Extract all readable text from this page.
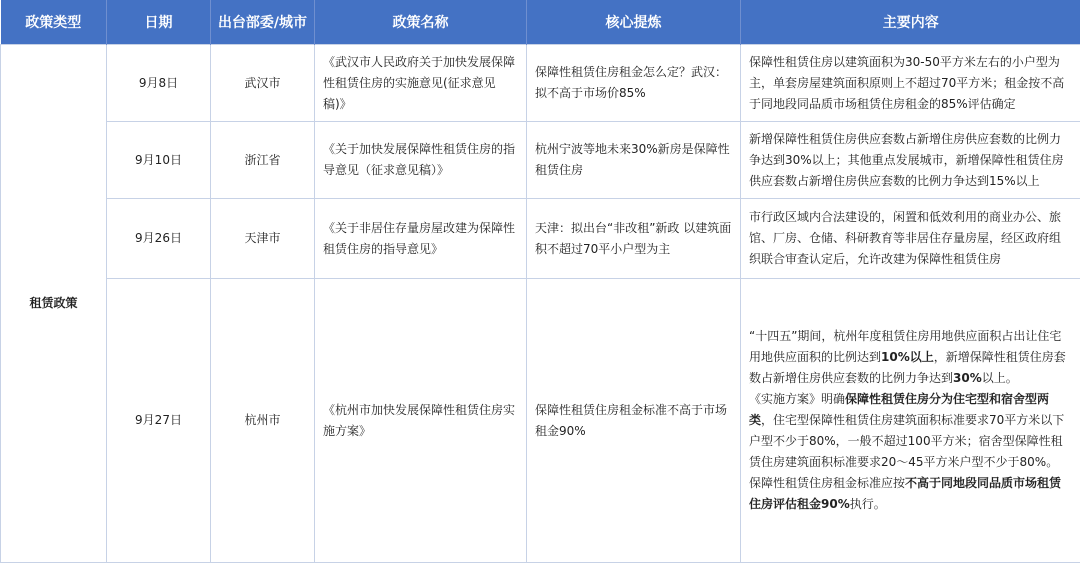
政策类型	日期	出台部委/城市	政策名称	核心提炼	主要内容
租赁政策	9月8日	武汉市	《武汉市人民政府关于加快发展保障性租赁住房的实施意见(征求意见稿)》	保障性租赁住房租金怎么定？武汉：拟不高于市场价85%	保障性租赁住房以建筑面积为30-50平方米左右的小户型为主，单套房屋建筑面积原则上不超过70平方米；租金按不高于同地段同品质市场租赁住房租金的85%评估确定
	9月10日	浙江省	《关于加快发展保障性租赁住房的指导意见（征求意见稿）》	杭州宁波等地未来30%新房是保障性租赁住房	新增保障性租赁住房供应套数占新增住房供应套数的比例力争达到30%以上；其他重点发展城市，新增保障性租赁住房供应套数占新增住房供应套数的比例力争达到15%以上
	9月26日	天津市	《关于非居住存量房屋改建为保障性租赁住房的指导意见》	天津：拟出台“非改租”新政 以建筑面积不超过70平小户型为主	市行政区域内合法建设的，闲置和低效利用的商业办公、旅馆、厂房、仓储、科研教育等非居住存量房屋，经区政府组织联合审查认定后，允许改建为保障性租赁住房
	9月27日	杭州市	《杭州市加快发展保障性租赁住房实施方案》	保障性租赁住房租金标准不高于市场租金90%	“十四五”期间，杭州年度租赁住房用地供应面积占出让住宅用地供应面积的比例达到10%以上，新增保障性租赁住房套数占新增住房供应套数的比例力争达到30%以上。
《实施方案》明确保障性租赁住房分为住宅型和宿舍型两类，住宅型保障性租赁住房建筑面积标准要求70平方米以下户型不少于80%，一般不超过100平方米；宿舍型保障性租赁住房建筑面积标准要求20～45平方米户型不少于80%。
保障性租赁住房租金标准应按不高于同地段同品质市场租赁住房评估租金90%执行。
